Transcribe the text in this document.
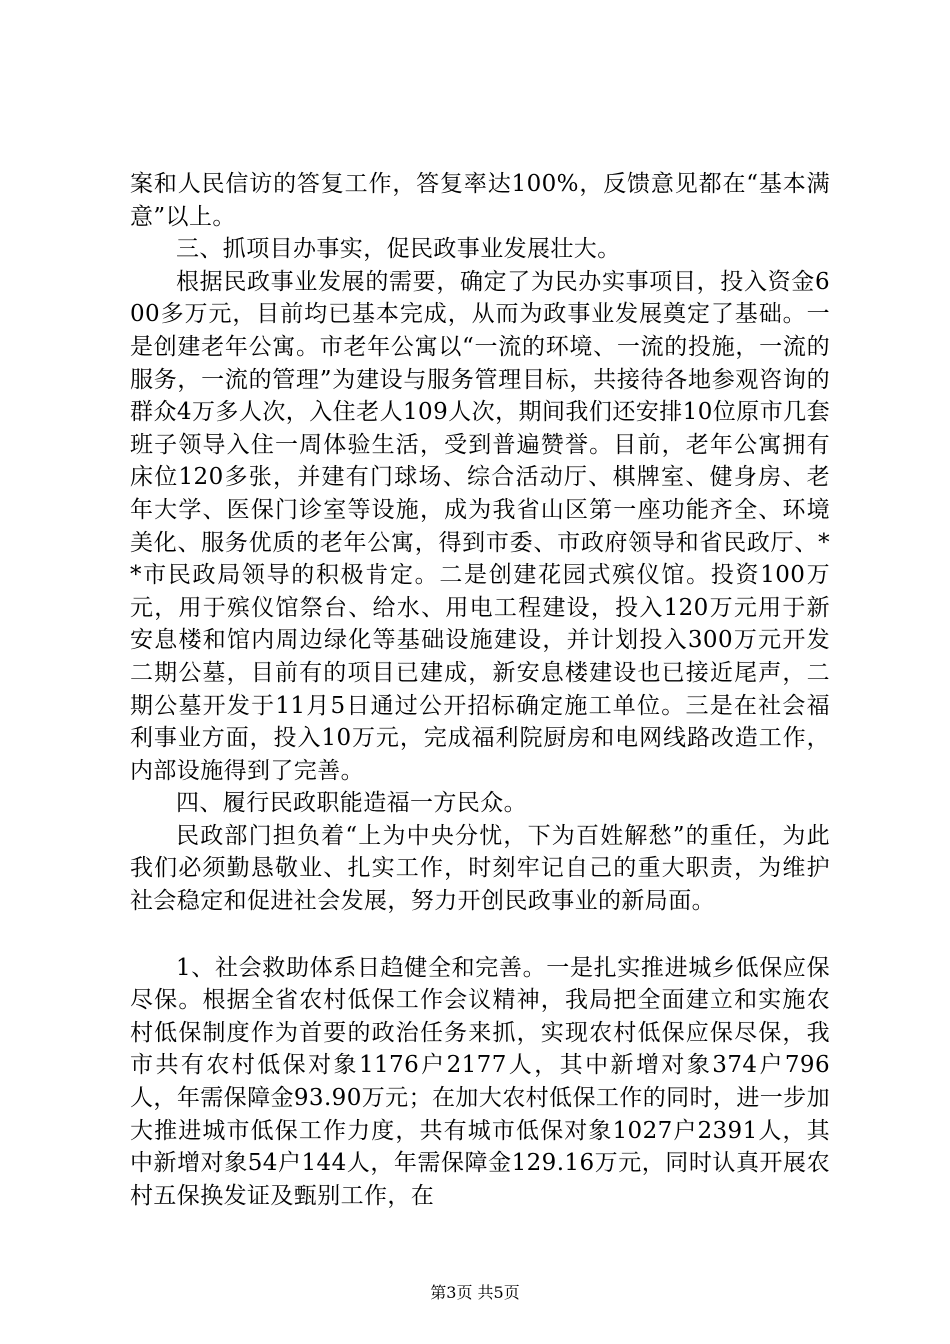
案和人民信访的答复工作，答复率达100%，反馈意见都在“基本满意”以上。

三、抓项目办事实，促民政事业发展壮大。

根据民政事业发展的需要，确定了为民办实事项目，投入资金600多万元，目前均已基本完成，从而为政事业发展奠定了基础。一是创建老年公寓。市老年公寓以“一流的环境、一流的投施，一流的服务，一流的管理”为建设与服务管理目标，共接待各地参观咨询的群众4万多人次，入住老人109人次，期间我们还安排10位原市几套班子领导入住一周体验生活，受到普遍赞誉。目前，老年公寓拥有床位120多张，并建有门球场、综合活动厅、棋牌室、健身房、老年大学、医保门诊室等设施，成为我省山区第一座功能齐全、环境美化、服务优质的老年公寓，得到市委、市政府领导和省民政厅、**市民政局领导的积极肯定。二是创建花园式殡仪馆。投资100万元，用于殡仪馆祭台、给水、用电工程建设，投入120万元用于新安息楼和馆内周边绿化等基础设施建设，并计划投入300万元开发二期公墓，目前有的项目已建成，新安息楼建设也已接近尾声，二期公墓开发于11月5日通过公开招标确定施工单位。三是在社会福利事业方面，投入10万元，完成福利院厨房和电网线路改造工作，内部设施得到了完善。

四、履行民政职能造福一方民众。

民政部门担负着“上为中央分忧，下为百姓解愁”的重任，为此我们必须勤恳敬业、扎实工作，时刻牢记自己的重大职责，为维护社会稳定和促进社会发展，努力开创民政事业的新局面。

1、社会救助体系日趋健全和完善。一是扎实推进城乡低保应保尽保。根据全省农村低保工作会议精神，我局把全面建立和实施农村低保制度作为首要的政治任务来抓，实现农村低保应保尽保，我市共有农村低保对象1176户2177人，其中新增对象374户796人，年需保障金93.90万元；在加大农村低保工作的同时，进一步加大推进城市低保工作力度，共有城市低保对象1027户2391人，其中新增对象54户144人，年需保障金129.16万元，同时认真开展农村五保换发证及甄别工作，在

第3页 共5页
